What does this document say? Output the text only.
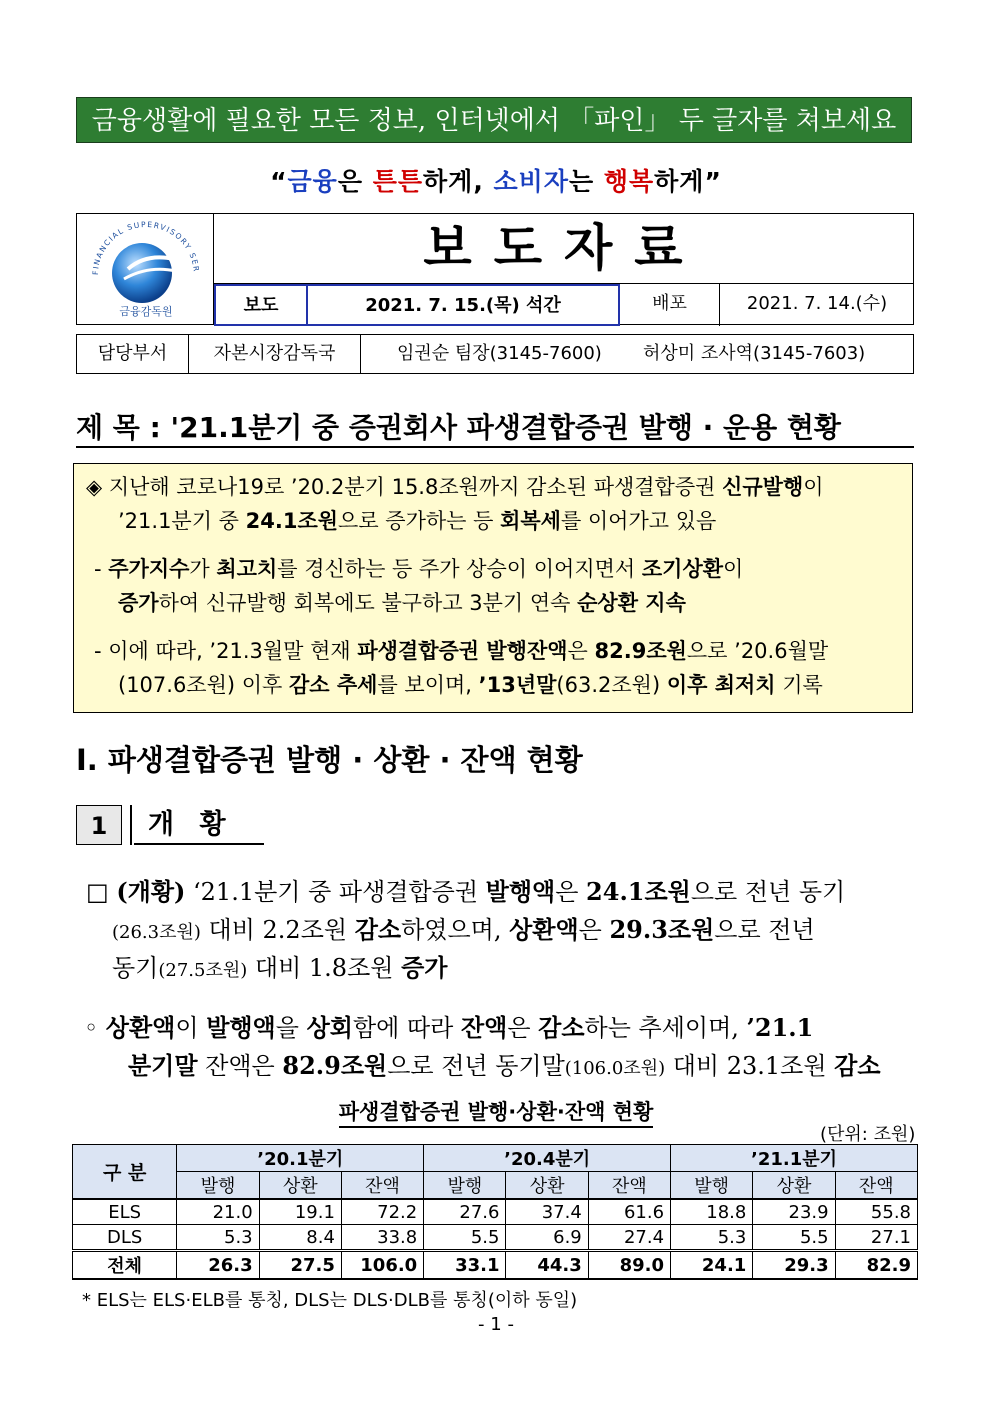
금융생활에 필요한 모든 정보, 인터넷에서 「파인」 두 글자를 쳐보세요
“금융은 튼튼하게, 소비자는 행복하게”
FINANCIAL SUPERVISORY SER
금융감독원
보도자료
보도	2021. 7. 15.(목) 석간	배포	2021. 7. 14.(수)
담당부서	자본시장감독국	임권순 팀장(3145-7600) 허상미 조사역(3145-7603)
제 목 : '21.1분기 중 증권회사 파생결합증권 발행 · 운용 현황
◈ 지난해 코로나19로 ’20.2분기 15.8조원까지 감소된 파생결합증권 신규발행이
’21.1분기 중 24.1조원으로 증가하는 등 회복세를 이어가고 있음
- 주가지수가 최고치를 경신하는 등 주가 상승이 이어지면서 조기상환이
증가하여 신규발행 회복에도 불구하고 3분기 연속 순상환 지속
- 이에 따라, ’21.3월말 현재 파생결합증권 발행잔액은 82.9조원으로 ’20.6월말
(107.6조원) 이후 감소 추세를 보이며, ’13년말(63.2조원) 이후 최저치 기록
I. 파생결합증권 발행 · 상환 · 잔액 현황
1	개 황
□ (개황) ‘21.1분기 중 파생결합증권 발행액은 24.1조원으로 전년 동기
(26.3조원) 대비 2.2조원 감소하였으며, 상환액은 29.3조원으로 전년
동기(27.5조원) 대비 1.8조원 증가
◦ 상환액이 발행액을 상회함에 따라 잔액은 감소하는 추세이며, ’21.1
분기말 잔액은 82.9조원으로 전년 동기말(106.0조원) 대비 23.1조원 감소
파생결합증권 발행·상환·잔액 현황
(단위: 조원)
구 분	’20.1분기			’20.4분기			’21.1분기		
	발행	상환	잔액	발행	상환	잔액	발행	상환	잔액
ELS	21.0	19.1	72.2	27.6	37.4	61.6	18.8	23.9	55.8
DLS	5.3	8.4	33.8	5.5	6.9	27.4	5.3	5.5	27.1
전체	26.3	27.5	106.0	33.1	44.3	89.0	24.1	29.3	82.9
* ELS는 ELS·ELB를 통칭, DLS는 DLS·DLB를 통칭(이하 동일)
- 1 -
